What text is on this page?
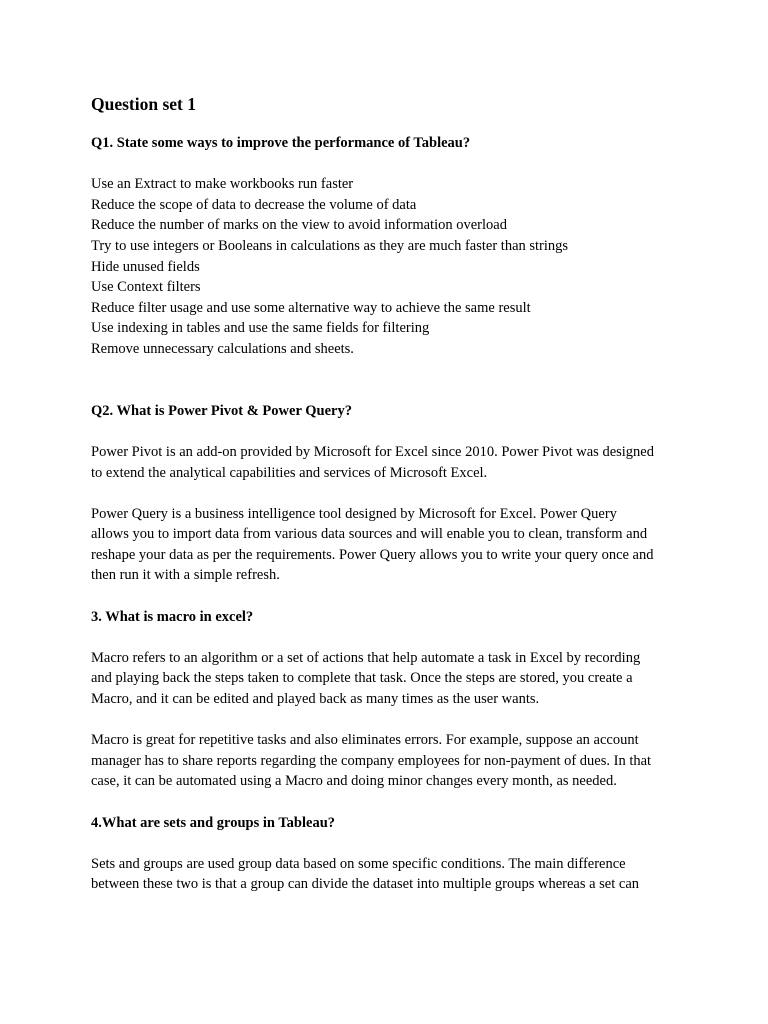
Question set 1
Q1. State some ways to improve the performance of Tableau?
Use an Extract to make workbooks run faster
Reduce the scope of data to decrease the volume of data
Reduce the number of marks on the view to avoid information overload
Try to use integers or Booleans in calculations as they are much faster than strings
Hide unused fields
Use Context filters
Reduce filter usage and use some alternative way to achieve the same result
Use indexing in tables and use the same fields for filtering
Remove unnecessary calculations and sheets.
Q2. What is Power Pivot & Power Query?
Power Pivot is an add-on provided by Microsoft for Excel since 2010. Power Pivot was designed
to extend the analytical capabilities and services of Microsoft Excel.
Power Query is a business intelligence tool designed by Microsoft for Excel. Power Query
allows you to import data from various data sources and will enable you to clean, transform and
reshape your data as per the requirements. Power Query allows you to write your query once and
then run it with a simple refresh.
3. What is macro in excel?
Macro refers to an algorithm or a set of actions that help automate a task in Excel by recording
and playing back the steps taken to complete that task. Once the steps are stored, you create a
Macro, and it can be edited and played back as many times as the user wants.
Macro is great for repetitive tasks and also eliminates errors. For example, suppose an account
manager has to share reports regarding the company employees for non-payment of dues. In that
case, it can be automated using a Macro and doing minor changes every month, as needed.
4.What are sets and groups in Tableau?
Sets and groups are used group data based on some specific conditions. The main difference
between these two is that a group can divide the dataset into multiple groups whereas a set can
